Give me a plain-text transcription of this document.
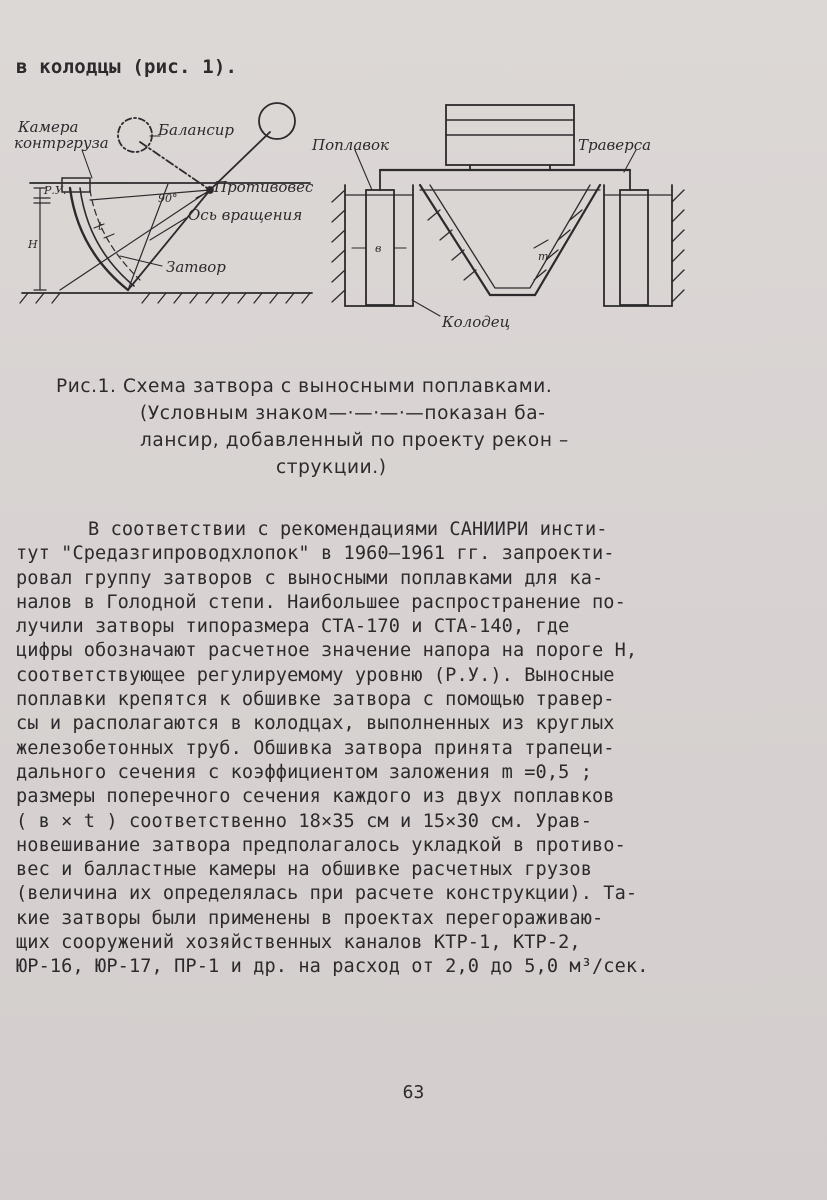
в колодцы (рис. 1).
Камера
контргруза
Балансир
Противовес
Ось вращения
Затвор
Р.У.
Н
t
90°
Поплавок	Траверса
Колодец
в
m
Рис.1. Схема затвора с выносными поплавками.
(Условным знаком—·—·—·—показан ба-
лансир, добавленный по проекту рекон –
струкции.)
В соответствии с рекомендациями САНИИРИ инсти-
тут "Средазгипроводхлопок" в 1960–1961 гг. запроекти-
ровал группу затворов с выносными поплавками для ка-
налов в Голодной степи. Наибольшее распространение по-
лучили затворы типоразмера СТА-170 и СТА-140, где
цифры обозначают расчетное значение напора на пороге Н,
соответствующее регулируемому уровню (Р.У.). Выносные
поплавки крепятся к обшивке затвора с помощью травер-
сы и располагаются в колодцах, выполненных из круглых
железобетонных труб. Обшивка затвора принята трапеци-
дального сечения с коэффициентом заложения m =0,5 ;
размеры поперечного сечения каждого из двух поплавков
( в × t ) соответственно 18×35 см и 15×30 см. Урав-
новешивание затвора предполагалось укладкой в противо-
вес и балластные камеры на обшивке расчетных грузов
(величина их определялась при расчете конструкции). Та-
кие затворы были применены в проектах перегораживаю-
щих сооружений хозяйственных каналов КТР-1, КТР-2,
ЮР-16, ЮР-17, ПР-1 и др. на расход от 2,0 до 5,0 м³/сек.
63
